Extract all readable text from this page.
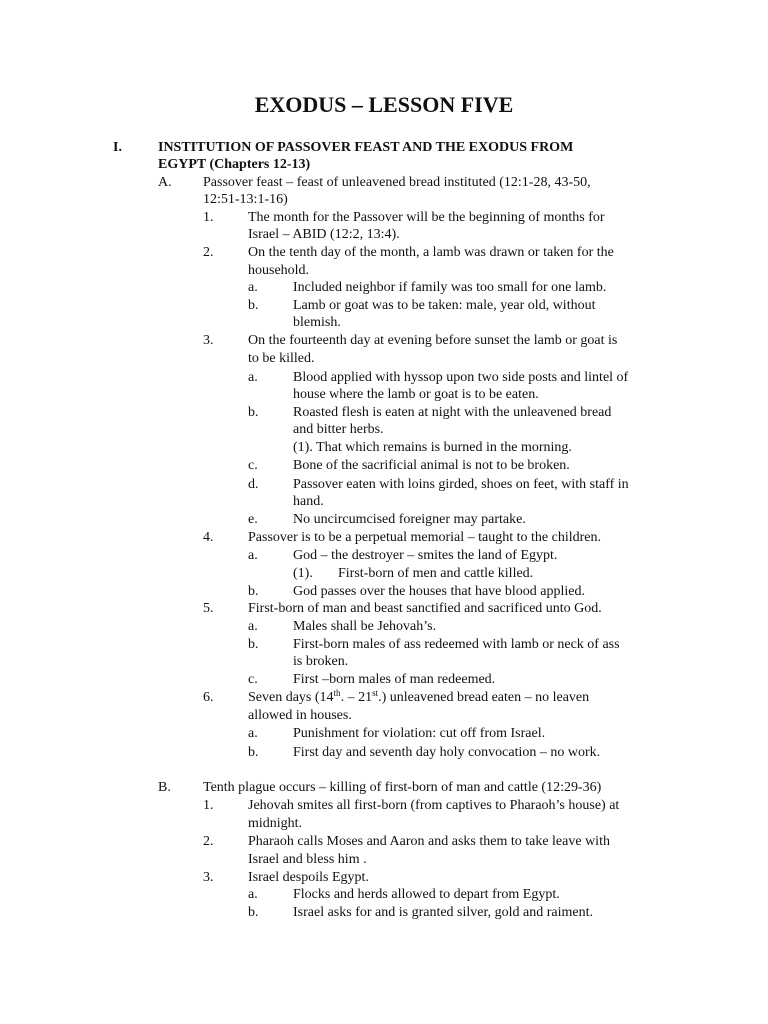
EXODUS – LESSON FIVE
I.	INSTITUTION OF PASSOVER FEAST AND THE EXODUS FROM
EGYPT (Chapters 12-13)
A. Passover feast – feast of unleavened bread instituted (12:1-28, 43-50,
12:51-13:1-16)
1. The month for the Passover will be the beginning of months for
Israel – ABID (12:2, 13:4).
2. On the tenth day of the month, a lamb was drawn or taken for the
household.
a.	Included neighbor if family was too small for one lamb.
b. Lamb or goat was to be taken: male, year old, without
blemish.
3. On the fourteenth day at evening before sunset the lamb or goat is
to be killed.
a.	Blood applied with hyssop upon two side posts and lintel of
house where the lamb or goat is to be eaten.
b. Roasted flesh is eaten at night with the unleavened bread
and bitter herbs.
(1). That which remains is burned in the morning.
c.	Bone of the sacrificial animal is not to be broken.
d. Passover eaten with loins girded, shoes on feet, with staff in
hand.
e.	No uncircumcised foreigner may partake.
4. Passover is to be a perpetual memorial – taught to the children.
a.	God – the destroyer – smites the land of Egypt.
(1). First-born of men and cattle killed.
b. God passes over the houses that have blood applied.
5. First-born of man and beast sanctified and sacrificed unto God.
a.	Males shall be Jehovah’s.
b. First-born males of ass redeemed with lamb or neck of ass
is broken.
c.	First –born males of man redeemed.
6. Seven days (14th. – 21st.) unleavened bread eaten – no leaven
allowed in houses.
a.	Punishment for violation: cut off from Israel.
b. First day and seventh day holy convocation – no work.
B. Tenth plague occurs – killing of first-born of man and cattle (12:29-36)
1. Jehovah smites all first-born (from captives to Pharaoh’s house) at
midnight.
2. Pharaoh calls Moses and Aaron and asks them to take leave with
Israel and bless him .
3. Israel despoils Egypt.
a.	Flocks and herds allowed to depart from Egypt.
b. Israel asks for and is granted silver, gold and raiment.
